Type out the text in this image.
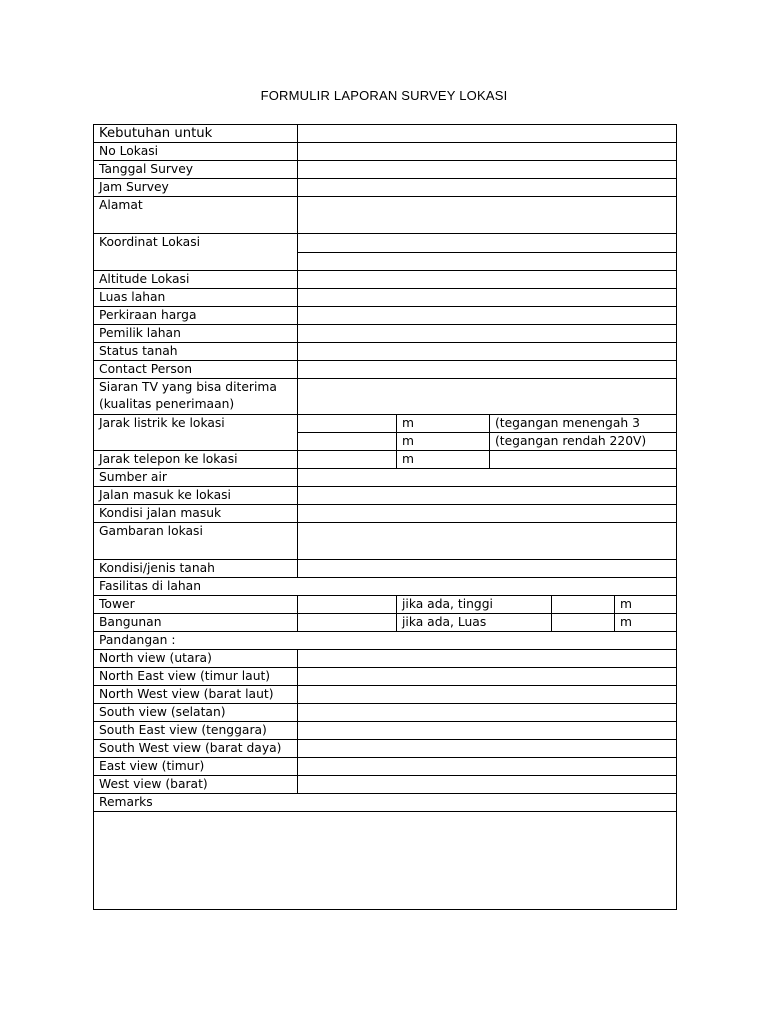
FORMULIR LAPORAN SURVEY LOKASI
Kebutuhan untuk					
No Lokasi					
Tanggal Survey					
Jam Survey					
Alamat					
Koordinat Lokasi					

Altitude Lokasi					
Luas lahan					
Perkiraan harga					
Pemilik lahan					
Status tanah					
Contact Person					
Siaran TV yang bisa diterima (kualitas penerimaan)					
Jarak listrik ke lokasi		m	(tegangan menengah 3		
		m	(tegangan rendah 220V)		
Jarak telepon ke lokasi		m			
Sumber air					
Jalan masuk ke lokasi					
Kondisi jalan masuk					
Gambaran lokasi					
Kondisi/jenis tanah					
Fasilitas di lahan					
Tower		jika ada, tinggi			m
Bangunan		jika ada, Luas			m
Pandangan :					
North view (utara)					
North East view (timur laut)					
North West view (barat laut)					
South view (selatan)					
South East view (tenggara)					
South West view (barat daya)					
East view (timur)					
West view (barat)					
Remarks					
